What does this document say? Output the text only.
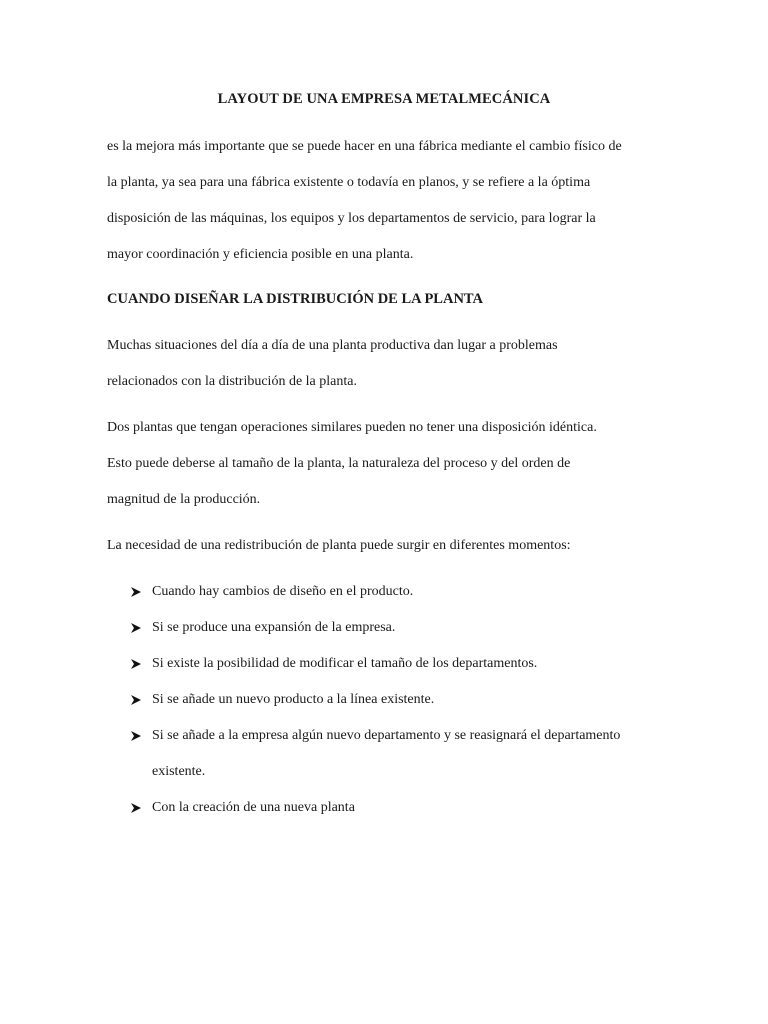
LAYOUT DE UNA EMPRESA METALMECÁNICA

es la mejora más importante que se puede hacer en una fábrica mediante el cambio físico de
la planta, ya sea para una fábrica existente o todavía en planos, y se refiere a la óptima
disposición de las máquinas, los equipos y los departamentos de servicio, para lograr la
mayor coordinación y eficiencia posible en una planta.

CUANDO DISEÑAR LA DISTRIBUCIÓN DE LA PLANTA

Muchas situaciones del día a día de una planta productiva dan lugar a problemas
relacionados con la distribución de la planta.

Dos plantas que tengan operaciones similares pueden no tener una disposición idéntica.
Esto puede deberse al tamaño de la planta, la naturaleza del proceso y del orden de
magnitud de la producción.

La necesidad de una redistribución de planta puede surgir en diferentes momentos:

Cuando hay cambios de diseño en el producto.
Si se produce una expansión de la empresa.
Si existe la posibilidad de modificar el tamaño de los departamentos.
Si se añade un nuevo producto a la línea existente.
Si se añade a la empresa algún nuevo departamento y se reasignará el departamento
existente.
Con la creación de una nueva planta
